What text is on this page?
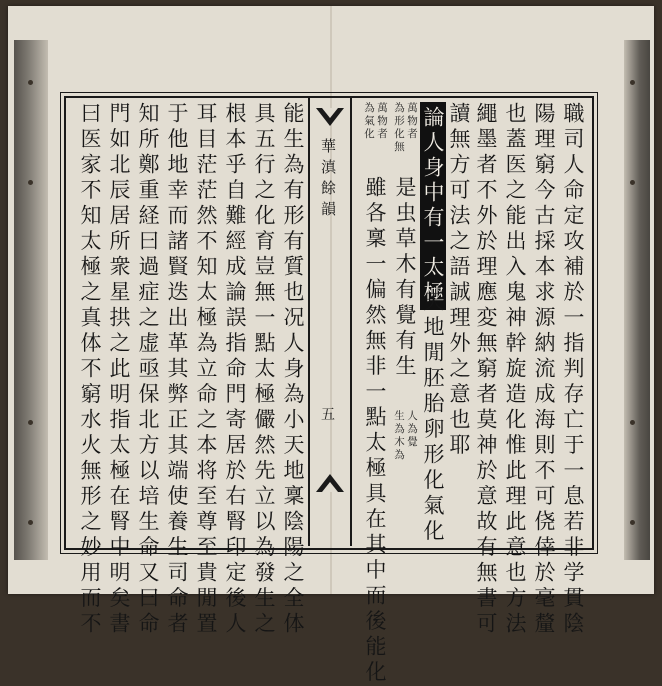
華滇餘韻
五	職司人命定攻補於一指判存亡于一息若非学貫陰
陽理窮今古採本求源納流成海則不可侥倖於毫釐
也蓋医之能出入鬼神幹旋造化惟此理此意也方法
繩墨者不外於理應変無窮者莫神於意故有無書可
讀無方可法之語誠理外之意也耶
論人身中有一太極
天地閒胚胎卵形化氣化
萬物者
為形化無
是虫草木有覺有生
人為覺
生為木為
萬物者
為氣化
雖各稟一偏然無非一點太極具在其中而後能化
能生為有形有質也况人身為小天地稟陰陽之全体
具五行之化育豈無一點太極儼然先立以為發生之
根本乎自難經成論誤指命門寄居於右腎印定後人
耳目茫茫然不知太極為立命之本将至尊至貴閒置
于他地幸而諸賢迭出革其弊正其端使養生司命者
知所鄭重経曰過症之虚亟保北方以培生命又曰命
門如北辰居所衆星拱之此明指太極在腎中明矣書
曰医家不知太極之真体不窮水火無形之妙用而不
